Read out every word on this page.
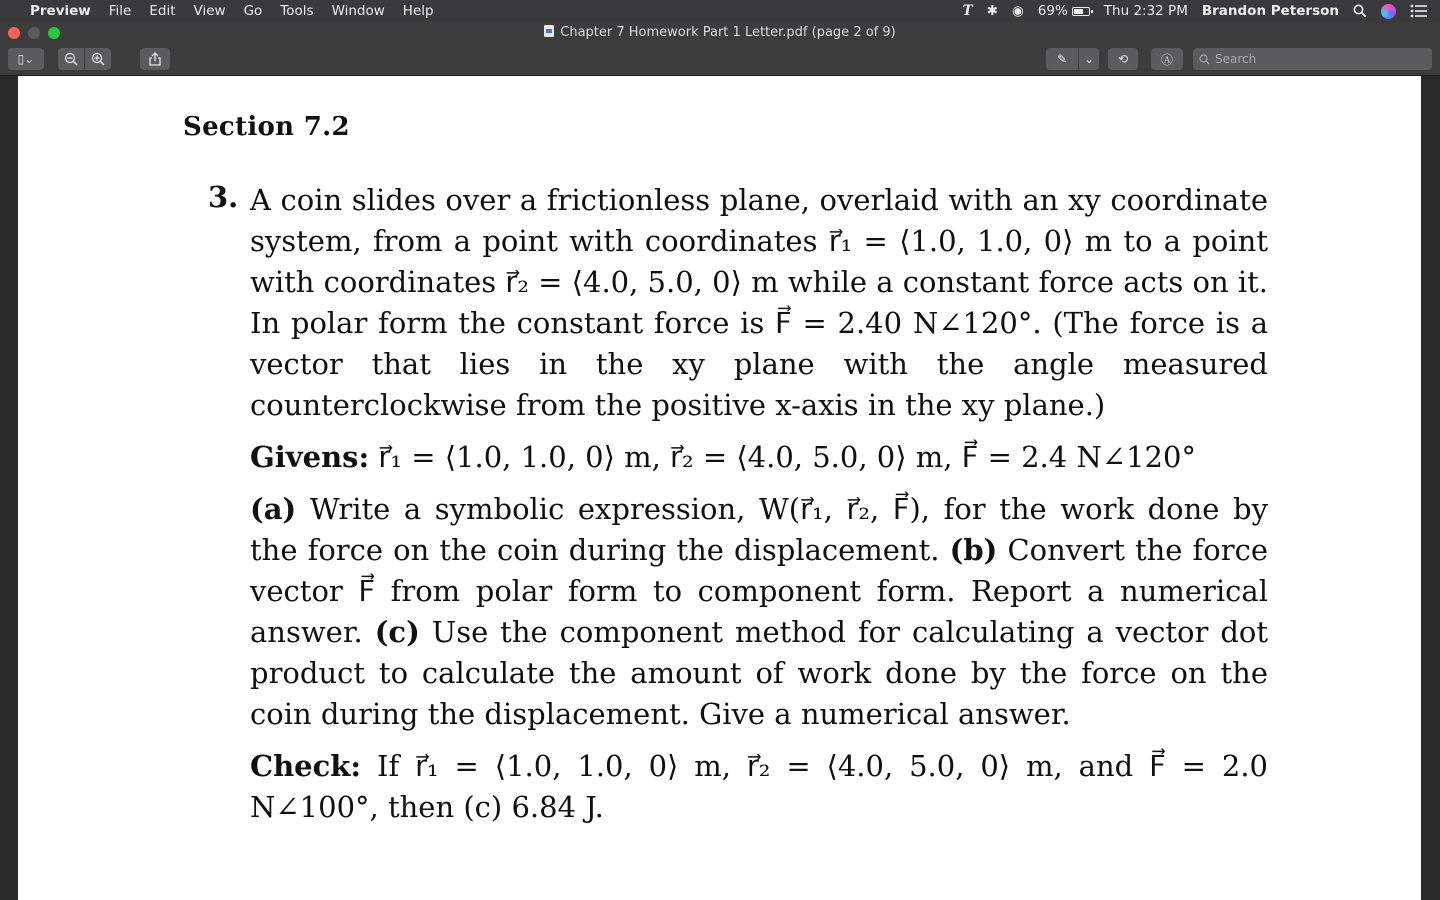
Preview File Edit View Go Tools Window Help	T ✱ ◉ 69%	Thu 2:32 PM Brandon Peterson
Chapter 7 Homework Part 1 Letter.pdf (page 2 of 9)
▯⌄	✎	⌄	⟲	Ⓐ
Search
Section 7.2
3. A coin slides over a frictionless plane, overlaid with an xy coordinate system, from a point with coordinates r⃗₁ = ⟨1.0, 1.0, 0⟩ m to a point with coordinates r⃗₂ = ⟨4.0, 5.0, 0⟩ m while a constant force acts on it. In polar form the constant force is F⃗ = 2.40 N∠120°. (The force is a vector that lies in the xy plane with the angle measured counterclockwise from the positive x-axis in the xy plane.)
Givens: r⃗₁ = ⟨1.0, 1.0, 0⟩ m, r⃗₂ = ⟨4.0, 5.0, 0⟩ m, F⃗ = 2.4 N∠120°
(a) Write a symbolic expression, W(r⃗₁, r⃗₂, F⃗), for the work done by the force on the coin during the displacement. (b) Convert the force vector F⃗ from polar form to component form. Report a numerical answer. (c) Use the component method for calculating a vector dot product to calculate the amount of work done by the force on the coin during the displacement. Give a numerical answer.
Check: If r⃗₁ = ⟨1.0, 1.0, 0⟩ m, r⃗₂ = ⟨4.0, 5.0, 0⟩ m, and F⃗ = 2.0 N∠100°, then (c) 6.84 J.
